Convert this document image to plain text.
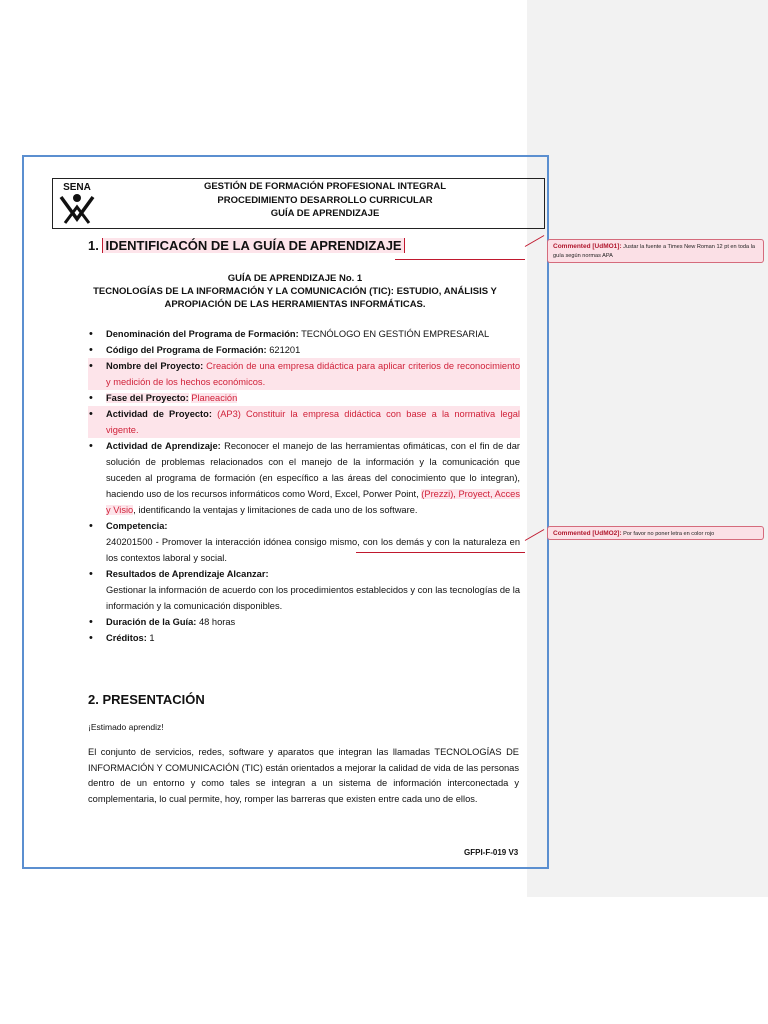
SENA	GESTIÓN DE FORMACIÓN PROFESIONAL INTEGRAL
PROCEDIMIENTO DESARROLLO CURRICULAR
GUÍA DE APRENDIZAJE
1. IDENTIFICACÓN DE LA GUÍA DE APRENDIZAJE
GUÍA DE APRENDIZAJE No. 1
TECNOLOGÍAS DE LA INFORMACIÓN Y LA COMUNICACIÓN (TIC): ESTUDIO, ANÁLISIS Y
APROPIACIÓN DE LAS HERRAMIENTAS INFORMÁTICAS.
• Denominación del Programa de Formación: TECNÓLOGO EN GESTIÓN EMPRESARIAL
• Código del Programa de Formación: 621201
• Nombre del Proyecto: Creación de una empresa didáctica para aplicar criterios de reconocimiento y medición de los hechos económicos.
• Fase del Proyecto: Planeación
• Actividad de Proyecto: (AP3) Constituir la empresa didáctica con base a la normativa legal vigente.
• Actividad de Aprendizaje: Reconocer el manejo de las herramientas ofimáticas, con el fin de dar solución de problemas relacionados con el manejo de la información y la comunicación que suceden al programa de formación (en específico a las áreas del conocimiento que lo integran), haciendo uso de los recursos informáticos como Word, Excel, Porwer Point, (Prezzi), Proyect, Acces y Visio, identificando la ventajas y limitaciones de cada uno de los software.
• Competencia:
240201500 - Promover la interacción idónea consigo mismo, con los demás y con la naturaleza en los contextos laboral y social.
• Resultados de Aprendizaje Alcanzar:
Gestionar la información de acuerdo con los procedimientos establecidos y con las tecnologías de la información y la comunicación disponibles.
• Duración de la Guía: 48 horas
• Créditos: 1
2. PRESENTACIÓN
¡Estimado aprendiz!
El conjunto de servicios, redes, software y aparatos que integran las llamadas TECNOLOGÍAS DE INFORMACIÓN Y COMUNICACIÓN (TIC) están orientados a mejorar la calidad de vida de las personas dentro de un entorno y como tales se integran a un sistema de información interconectada y complementaria, lo cual permite, hoy, romper las barreras que existen entre cada uno de ellos.
GFPI-F-019 V3
Commented [UdMO1]: Justar la fuente a Times New Roman 12 pt en toda la guía según normas APA
Commented [UdMO2]: Por favor no poner letra en color rojo
